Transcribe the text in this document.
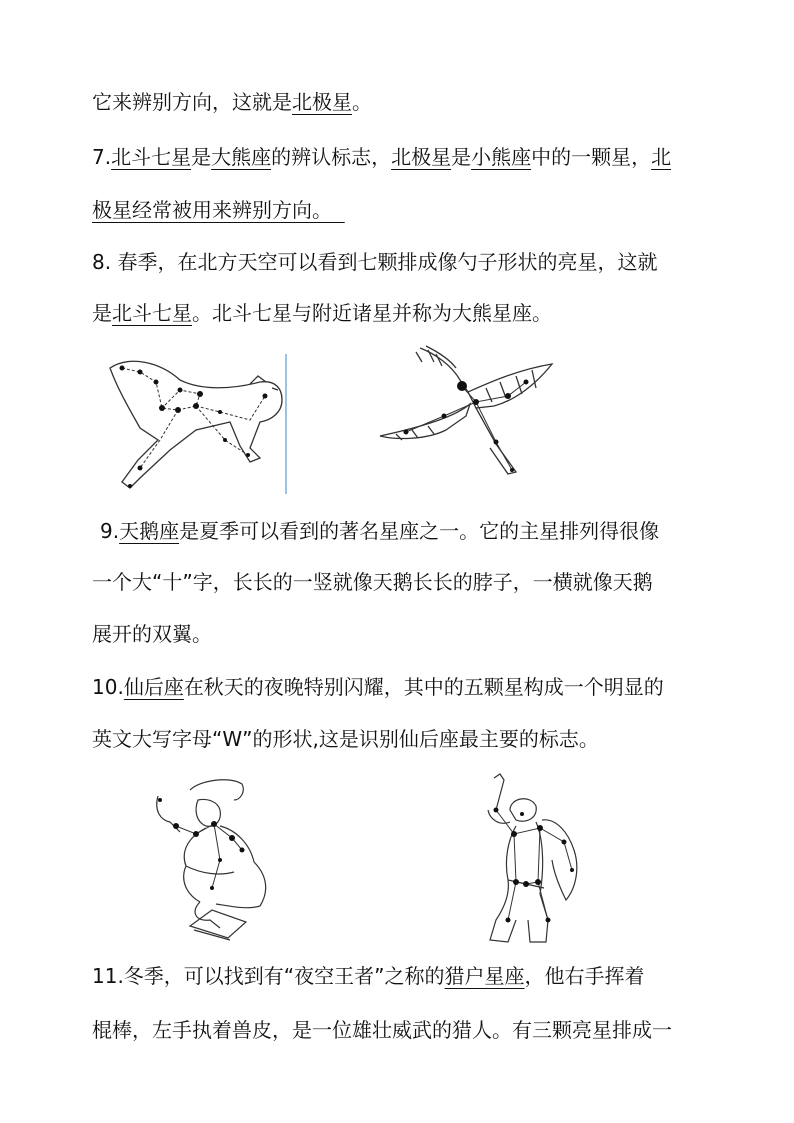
它来辨别方向，这就是北极星。
7.北斗七星是大熊座的辨认标志，北极星是小熊座中的一颗星，北
极星经常被用来辨别方向。
8. 春季，在北方天空可以看到七颗排成像勺子形状的亮星，这就
是北斗七星。北斗七星与附近诸星并称为大熊星座。
9.天鹅座是夏季可以看到的著名星座之一。它的主星排列得很像
一个大“十”字，长长的一竖就像天鹅长长的脖子，一横就像天鹅
展开的双翼。
10.仙后座在秋天的夜晚特别闪耀，其中的五颗星构成一个明显的
英文大写字母“W”的形状,这是识别仙后座最主要的标志。
11.冬季，可以找到有“夜空王者”之称的猎户星座，他右手挥着
棍棒，左手执着兽皮，是一位雄壮威武的猎人。有三颗亮星排成一
